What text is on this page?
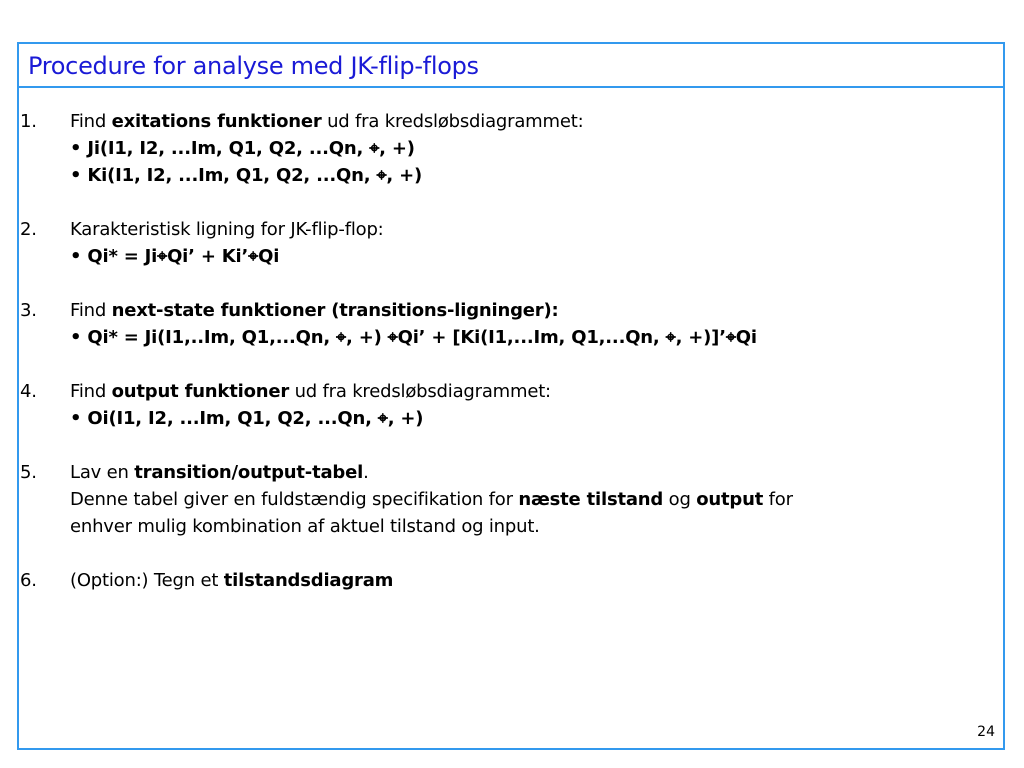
Procedure for analyse med JK-flip-flops
24
1. Find exitations funktioner ud fra kredsløbsdiagrammet:
• Ji(I1, I2, ...Im, Q1, Q2, ...Qn, ⌖, +)
• Ki(I1, I2, ...Im, Q1, Q2, ...Qn, ⌖, +)
2. Karakteristisk ligning for JK-flip-flop:
• Qi* = Ji⌖Qi’ + Ki’⌖Qi
3. Find next-state funktioner (transitions-ligninger):
• Qi* = Ji(I1,..Im, Q1,...Qn, ⌖, +) ⌖Qi’ + [Ki(I1,...Im, Q1,...Qn, ⌖, +)]’⌖Qi
4. Find output funktioner ud fra kredsløbsdiagrammet:
• Oi(I1, I2, ...Im, Q1, Q2, ...Qn, ⌖, +)
5. Lav en transition/output-tabel.
Denne tabel giver en fuldstændig specifikation for næste tilstand og output for
enhver mulig kombination af aktuel tilstand og input.
6. (Option:) Tegn et tilstandsdiagram
